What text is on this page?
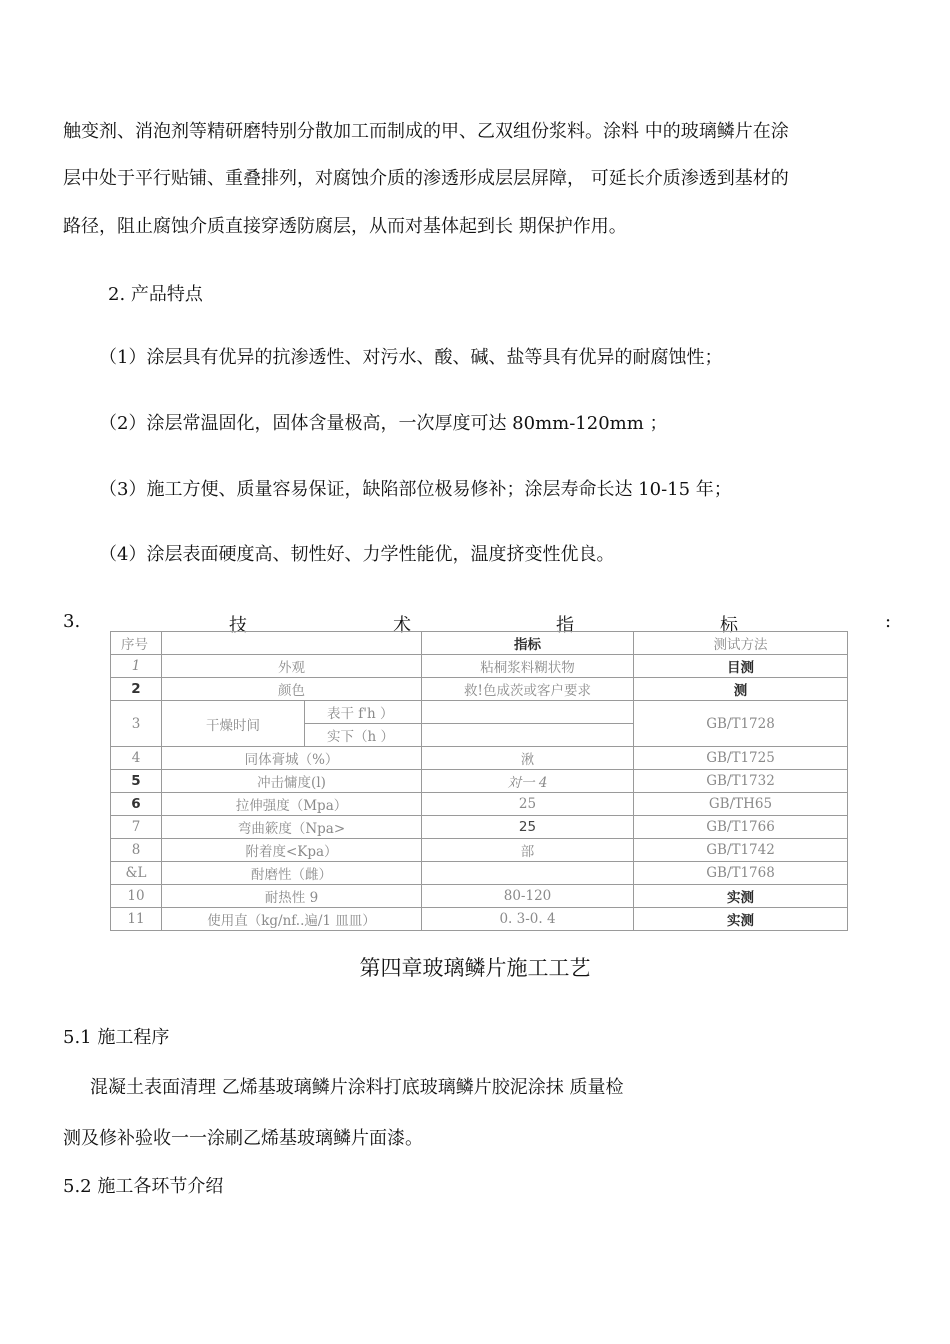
触变剂、消泡剂等精研磨特别分散加工而制成的甲、乙双组份浆料。涂料 中的玻璃鳞片在涂
层中处于平行贴铺、重叠排列，对腐蚀介质的渗透形成层层屏障， 可延长介质渗透到基材的
路径，阻止腐蚀介质直接穿透防腐层，从而对基体起到长 期保护作用。
2. 产品特点
（1）涂层具有优异的抗渗透性、对污水、酸、碱、盐等具有优异的耐腐蚀性；
（2）涂层常温固化，固体含量极高，一次厚度可达 80mm-120mm ；
（3）施工方便、质量容易保证，缺陷部位极易修补；涂层寿命长达 10-15 年；
（4）涂层表面硬度高、韧性好、力学性能优，温度挤变性优良。
3.	技	术	指	标	:
序号			指标	测试方法
1	外观		粘桐浆料糊状物	目测
2	颜色		救!色成茨或客户要求	测
3	干燥时间	表干 f'h ）		GB/T1728
		实下（h ）		
4	同体膏城（%）		湫	GB/T1725
5	冲击慵度(l)		対一 4	GB/T1732
6	拉伸强度（Mpa）		25	GB/TH65
7	弯曲簌度（Npa>		25	GB/T1766
8	附着度<Kpa）		部	GB/T1742
&L	酎磨性（雌）			GB/T1768
10	耐热性 9		80-120	实测
11	使用直（kg/nf..遍/1 皿皿）		0. 3-0. 4	实测
第四章玻璃鳞片施工工艺
5.1 施工程序
混凝土表面清理 乙烯基玻璃鳞片涂料打底玻璃鳞片胶泥涂抹 质量检
测及修补验收一一涂刷乙烯基玻璃鳞片面漆。
5.2 施工各环节介绍
